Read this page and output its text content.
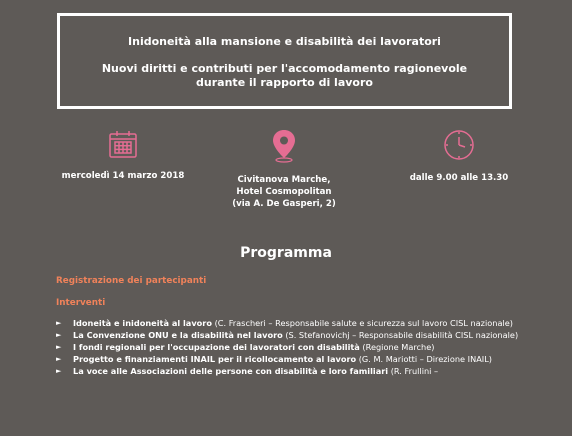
Inidoneità alla mansione e disabilità dei lavoratori
Nuovi diritti e contributi per l'accomodamento ragionevole
durante il rapporto di lavoro
mercoledì 14 marzo 2018	Civitanova Marche,
Hotel Cosmopolitan
(via A. De Gasperi, 2)
dalle 9.00 alle 13.30
Programma
Registrazione dei partecipanti
Interventi
► Idoneità e inidoneità al lavoro (C. Frascheri – Responsabile salute e sicurezza sul lavoro CISL nazionale)
► La Convenzione ONU e la disabilità nel lavoro (S. Stefanovichj – Responsabile disabilità CISL nazionale)
► I fondi regionali per l'occupazione dei lavoratori con disabilità (Regione Marche)
► Progetto e finanziamenti INAIL per il ricollocamento al lavoro (G. M. Mariotti – Direzione INAIL)
► La voce alle Associazioni delle persone con disabilità e loro familiari (R. Frullini –
